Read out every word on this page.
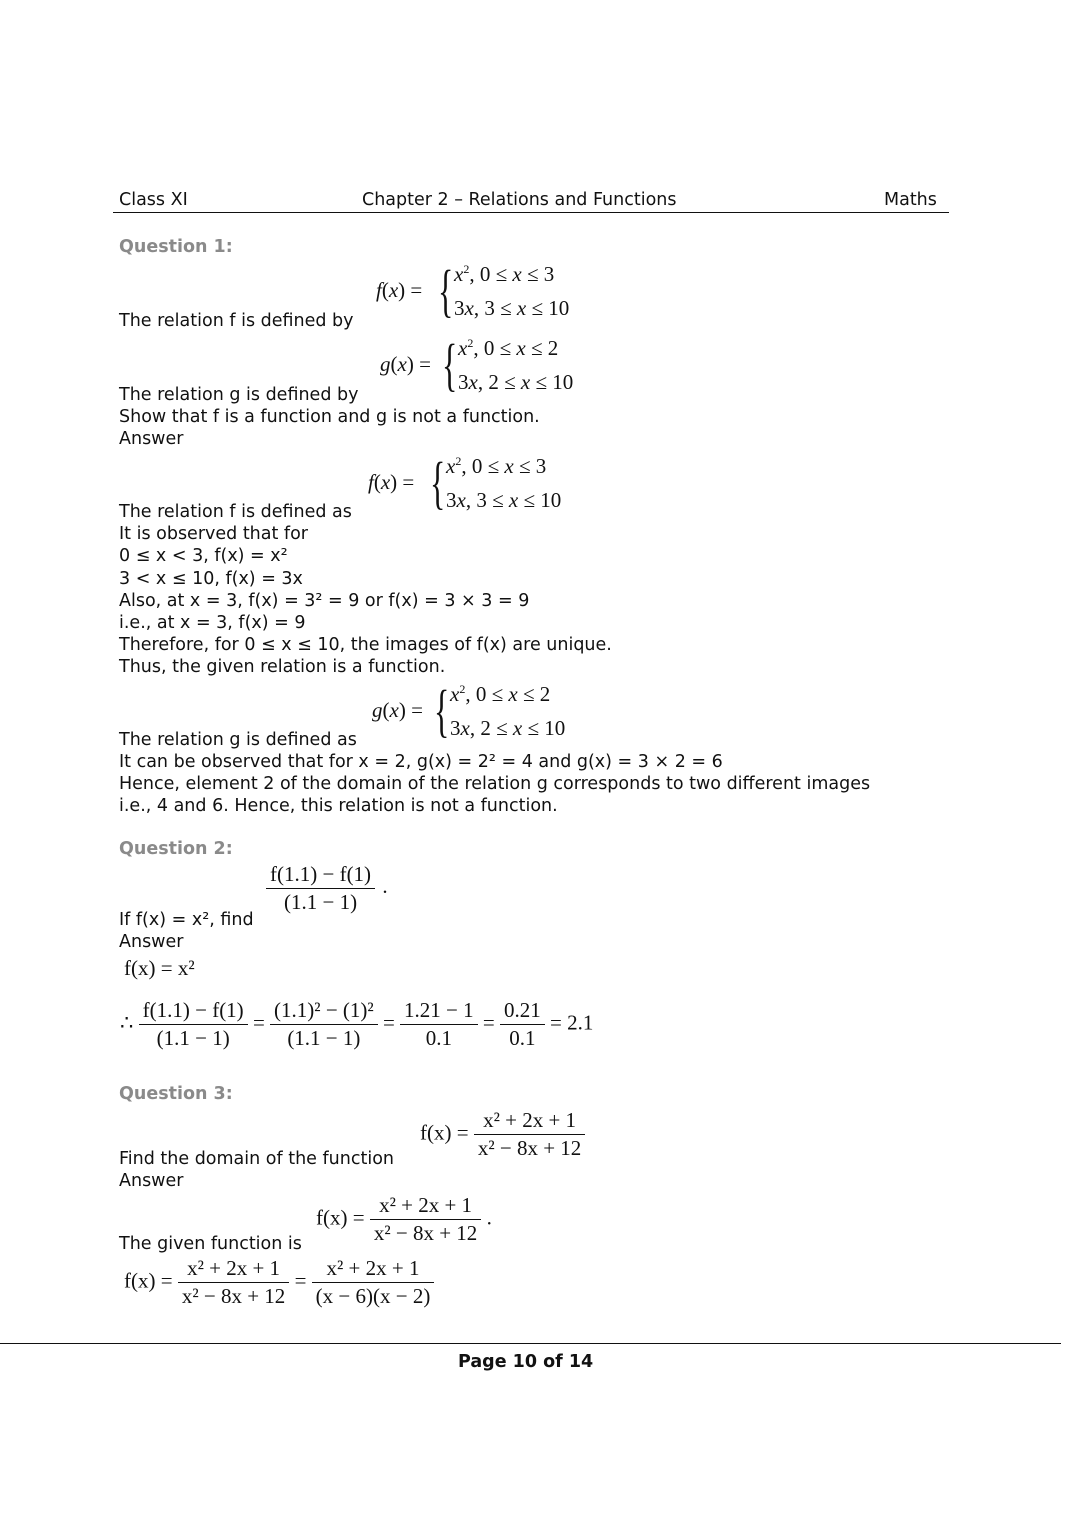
Class XI	Chapter 2 – Relations and Functions	Maths
Question 1:
f(x) = { $x^2$, 0 ≤ x ≤ 3
3x, 3 ≤ x ≤ 10
The relation f is defined by
g(x) = { $x^2$, 0 ≤ x ≤ 2
3x, 2 ≤ x ≤ 10
The relation g is defined by
Show that f is a function and g is not a function.
Answer
f(x) = { $x^2$, 0 ≤ x ≤ 3
3x, 3 ≤ x ≤ 10
The relation f is defined as
It is observed that for
0 ≤ x < 3, f(x) = x²
3 < x ≤ 10, f(x) = 3x
Also, at x = 3, f(x) = 3² = 9 or f(x) = 3 × 3 = 9
i.e., at x = 3, f(x) = 9
Therefore, for 0 ≤ x ≤ 10, the images of f(x) are unique.
Thus, the given relation is a function.
g(x) = { $x^2$, 0 ≤ x ≤ 2
3x, 2 ≤ x ≤ 10
The relation g is defined as
It can be observed that for x = 2, g(x) = 2² = 4 and g(x) = 3 × 2 = 6
Hence, element 2 of the domain of the relation g corresponds to two different images
i.e., 4 and 6. Hence, this relation is not a function.
Question 2:
$\frac{f(1.1) - f(1)}{(1.1 - 1)}$ .
If f(x) = x², find
Answer
f(x) = x²
∴ $\frac{f(1.1) - f(1)}{(1.1 - 1)} = \frac{\text{(1.1)² − (1)²}}{(1.1 - 1)} = \frac{1.21 - 1}{0.1} = \frac{0.21}{0.1} = 2.1$
Question 3:
$f(x) = \frac{\text{x² + 2x + 1}}{\text{x² − 8x + 12}}$
Find the domain of the function
Answer
$f(x) = \frac{\text{x² + 2x + 1}}{\text{x² − 8x + 12}}$ .
The given function is
$f(x) = \frac{\text{x² + 2x + 1}}{\text{x² − 8x + 12}} = \frac{\text{x² + 2x + 1}}{(x - 6)(x - 2)}$
Page 10 of 14
